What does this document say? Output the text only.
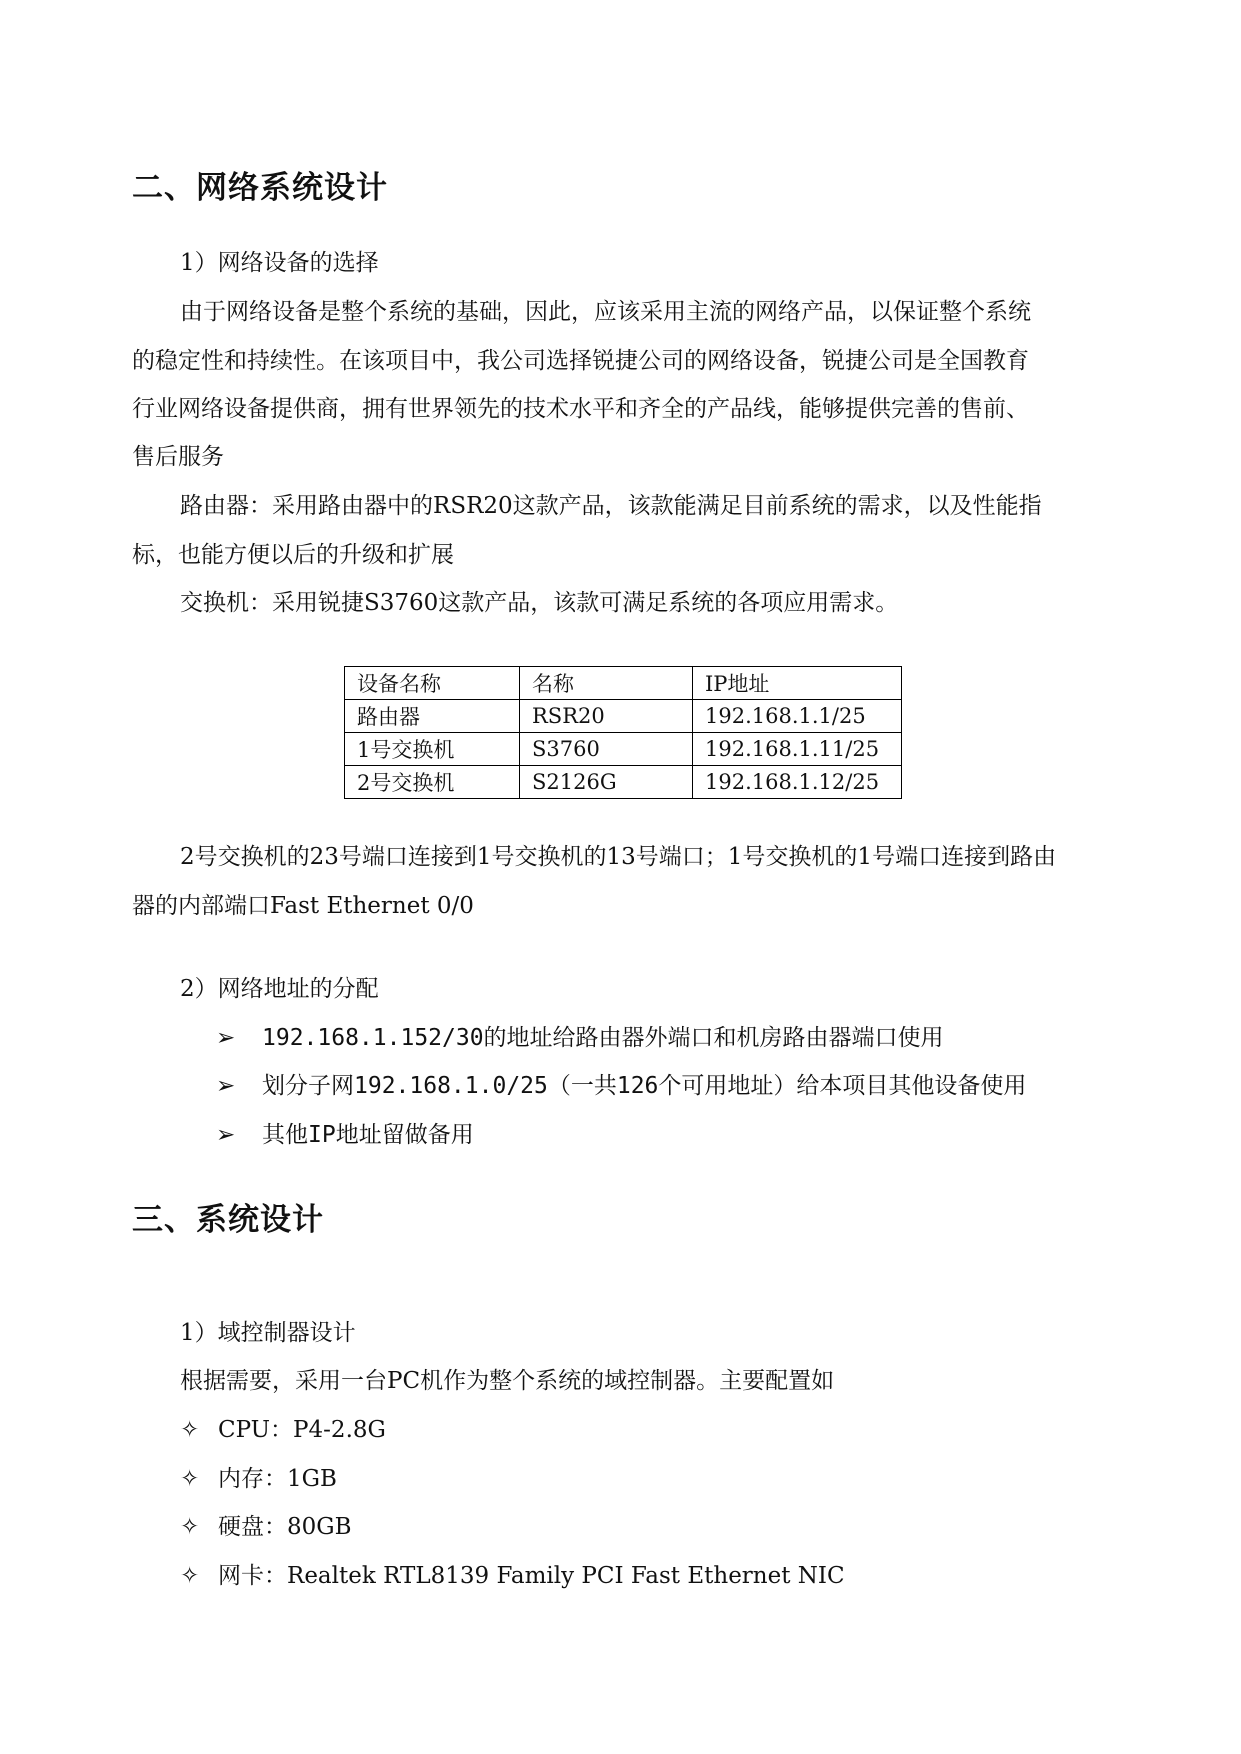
二、网络系统设计

1）网络设备的选择

由于网络设备是整个系统的基础，因此，应该采用主流的网络产品，以保证整个系统

的稳定性和持续性。在该项目中，我公司选择锐捷公司的网络设备，锐捷公司是全国教育

行业网络设备提供商，拥有世界领先的技术水平和齐全的产品线，能够提供完善的售前、

售后服务

路由器：采用路由器中的RSR20这款产品，该款能满足目前系统的需求，以及性能指

标，也能方便以后的升级和扩展

交换机：采用锐捷S3760这款产品，该款可满足系统的各项应用需求。

设备名称	名称	IP地址
路由器	RSR20	192.168.1.1/25
1号交换机	S3760	192.168.1.11/25
2号交换机	S2126G	192.168.1.12/25

2号交换机的23号端口连接到1号交换机的13号端口；1号交换机的1号端口连接到路由

器的内部端口Fast Ethernet 0/0

2）网络地址的分配

➢ 192.168.1.152/30的地址给路由器外端口和机房路由器端口使用

➢ 划分子网192.168.1.0/25（一共126个可用地址）给本项目其他设备使用

➢ 其他IP地址留做备用

三、系统设计

1）域控制器设计

根据需要，采用一台PC机作为整个系统的域控制器。主要配置如

✧ CPU：P4-2.8G

✧ 内存：1GB

✧ 硬盘：80GB

✧ 网卡：Realtek RTL8139 Family PCI Fast Ethernet NIC
